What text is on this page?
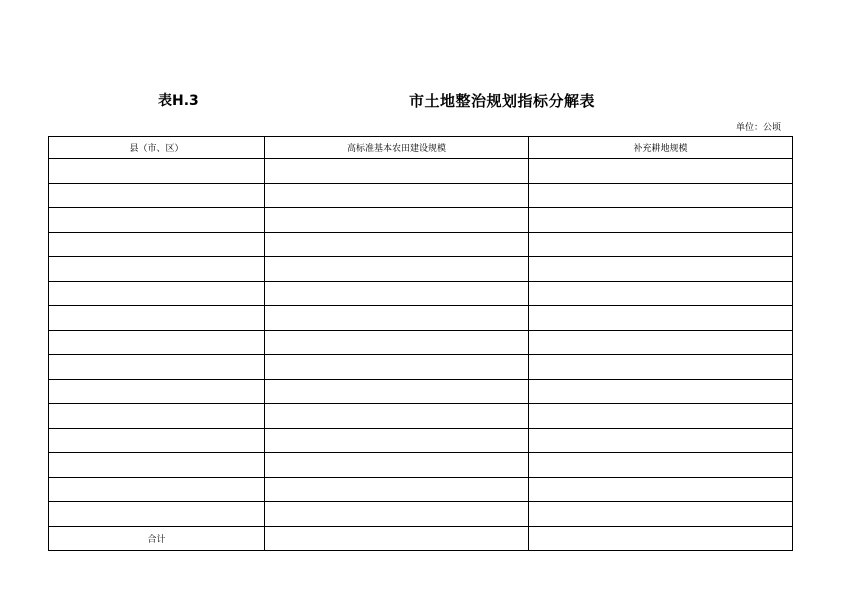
表H.3	市土地整治规划指标分解表
单位：公顷
县（市、区）	高标准基本农田建设规模	补充耕地规模

合计		
